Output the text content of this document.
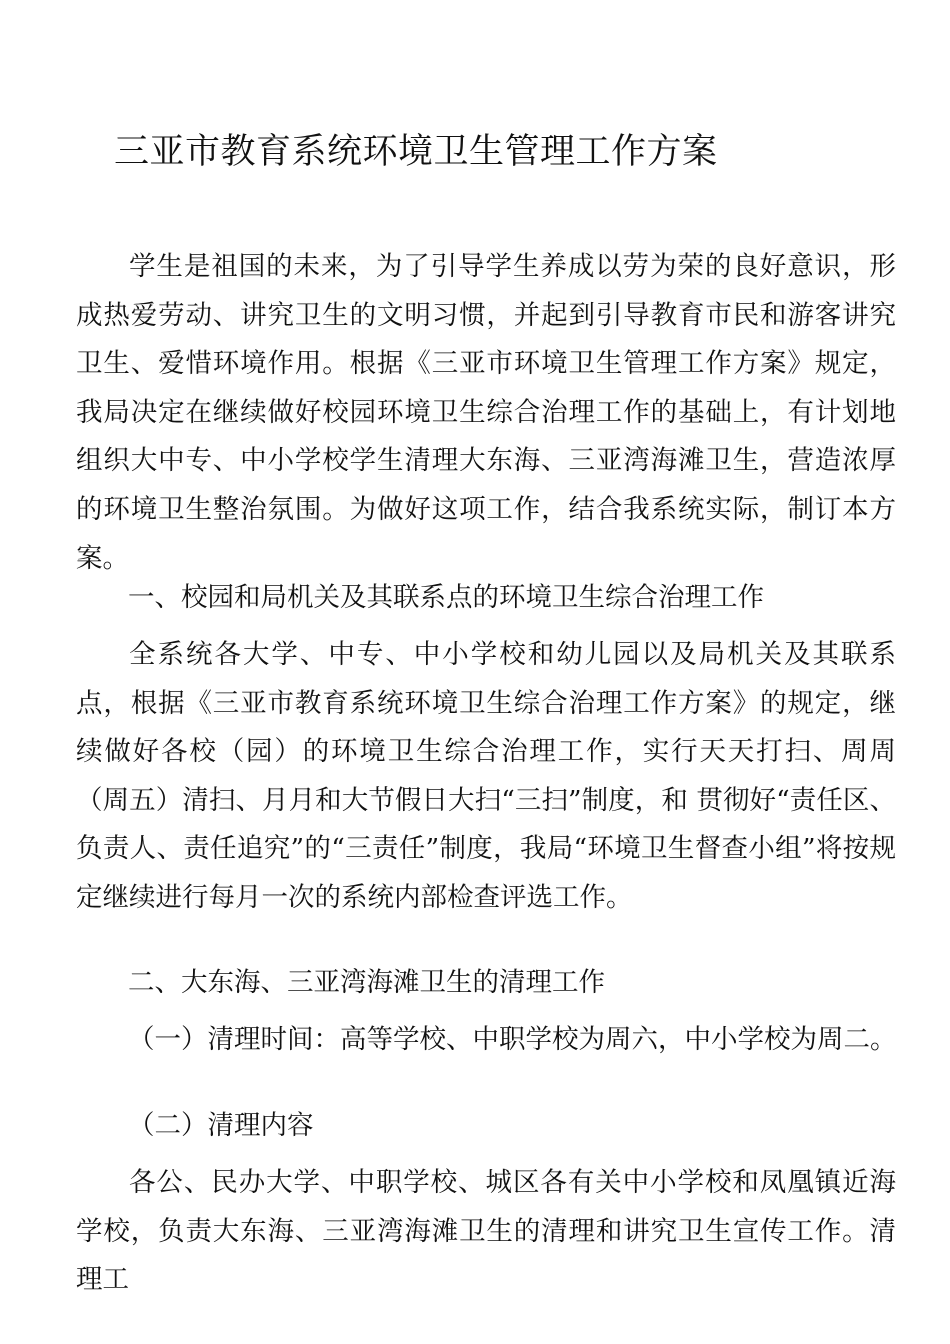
三亚市教育系统环境卫生管理工作方案

学生是祖国的未来，为了引导学生养成以劳为荣的良好意识，形成热爱劳动、讲究卫生的文明习惯，并起到引导教育市民和游客讲究卫生、爱惜环境作用。根据《三亚市环境卫生管理工作方案》规定，我局决定在继续做好校园环境卫生综合治理工作的基础上，有计划地组织大中专、中小学校学生清理大东海、三亚湾海滩卫生，营造浓厚的环境卫生整治氛围。为做好这项工作，结合我系统实际，制订本方案。

一、校园和局机关及其联系点的环境卫生综合治理工作

全系统各大学、中专、中小学校和幼儿园以及局机关及其联系点，根据《三亚市教育系统环境卫生综合治理工作方案》的规定，继续做好各校（园）的环境卫生综合治理工作，实行天天打扫、周周（周五）清扫、月月和大节假日大扫“三扫”制度，和 贯彻好“责任区、负责人、责任追究”的“三责任”制度，我局“环境卫生督查小组”将按规定继续进行每月一次的系统内部检查评选工作。

二、大东海、三亚湾海滩卫生的清理工作

（一）清理时间：高等学校、中职学校为周六，中小学校为周二。

（二）清理内容

各公、民办大学、中职学校、城区各有关中小学校和凤凰镇近海学校，负责大东海、三亚湾海滩卫生的清理和讲究卫生宣传工作。清理工
